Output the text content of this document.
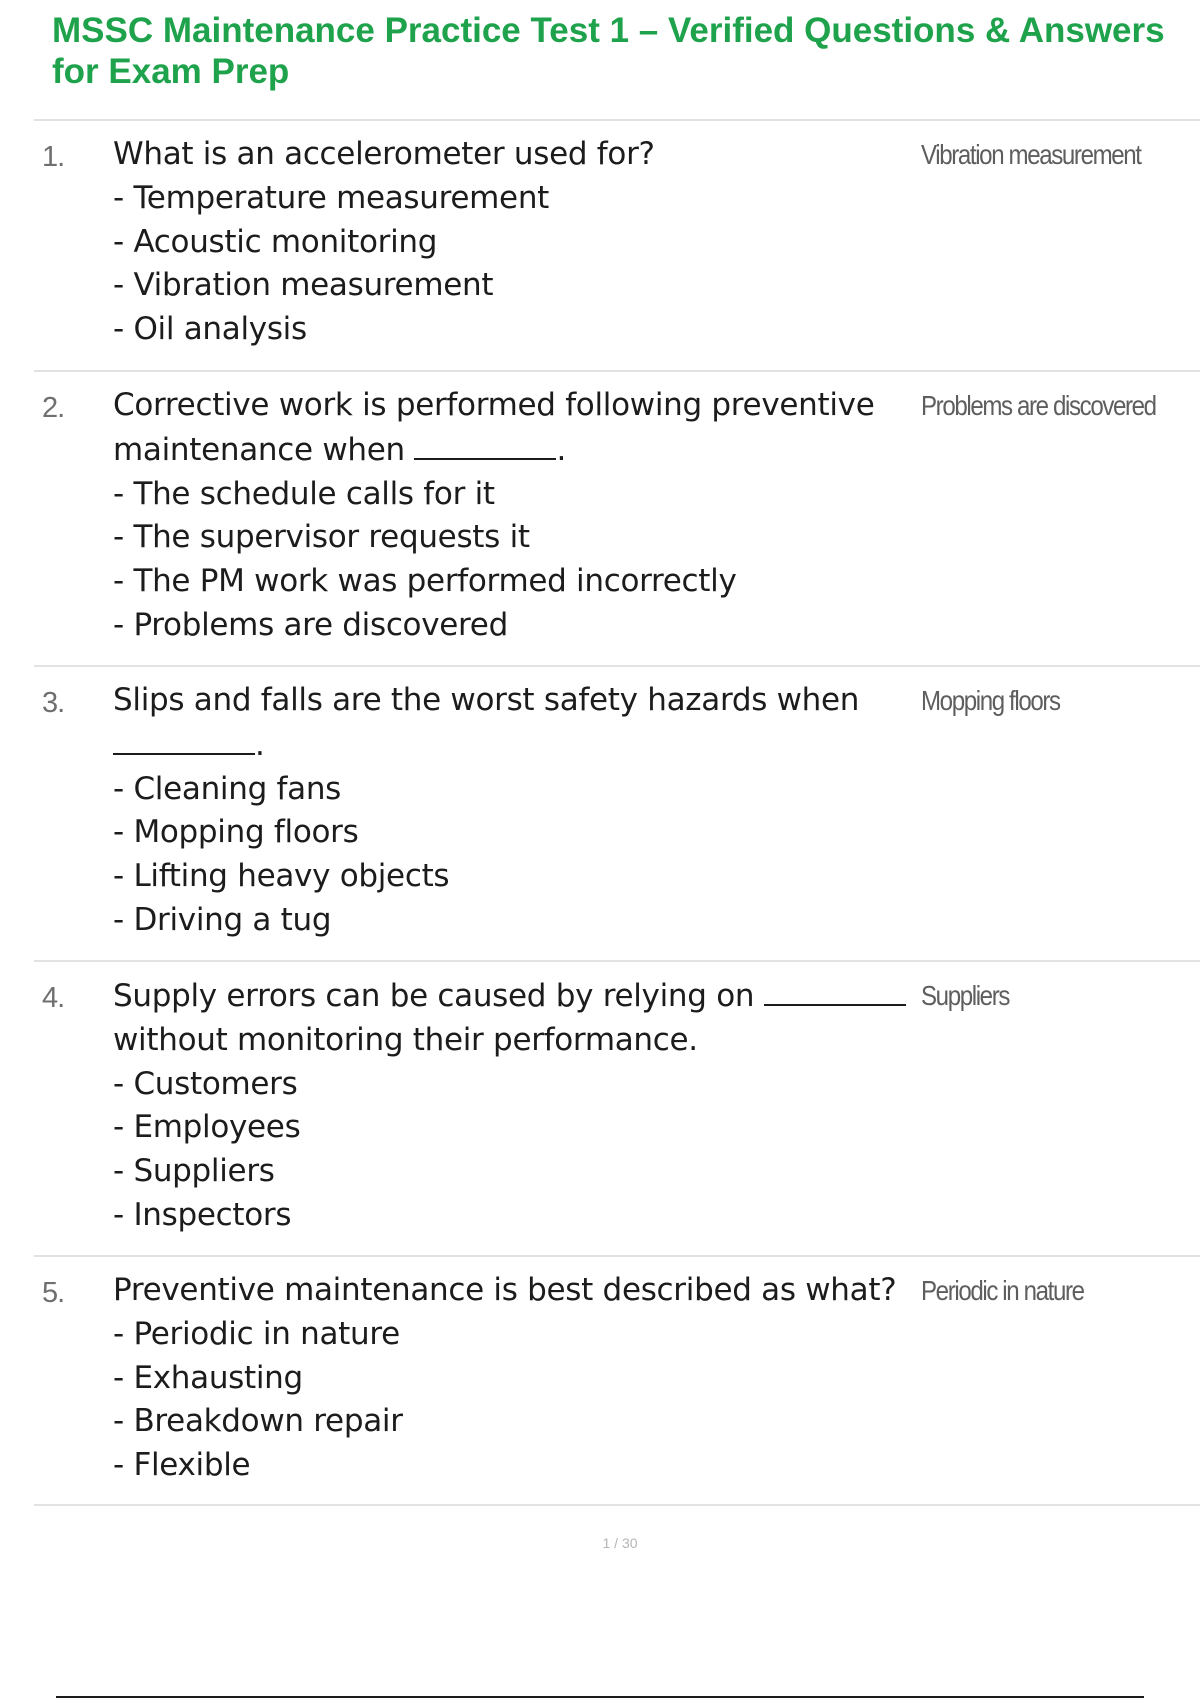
MSSC Maintenance Practice Test 1 – Verified Questions & Answers
for Exam Prep
1. What is an accelerometer used for?
- Temperature measurement
- Acoustic monitoring
- Vibration measurement
- Oil analysis
Vibration measurement
2. Corrective work is performed following preventive
maintenance when	.
- The schedule calls for it
- The supervisor requests it
- The PM work was performed incorrectly
- Problems are discovered
Problems are discovered
3. Slips and falls are the worst safety hazards when
.
- Cleaning fans
- Mopping floors
- Lifting heavy objects
- Driving a tug
Mopping floors
4. Supply errors can be caused by relying on
without monitoring their performance.
- Customers
- Employees
- Suppliers
- Inspectors
Suppliers
5. Preventive maintenance is best described as what?
- Periodic in nature
- Exhausting
- Breakdown repair
- Flexible
Periodic in nature
1 / 30
